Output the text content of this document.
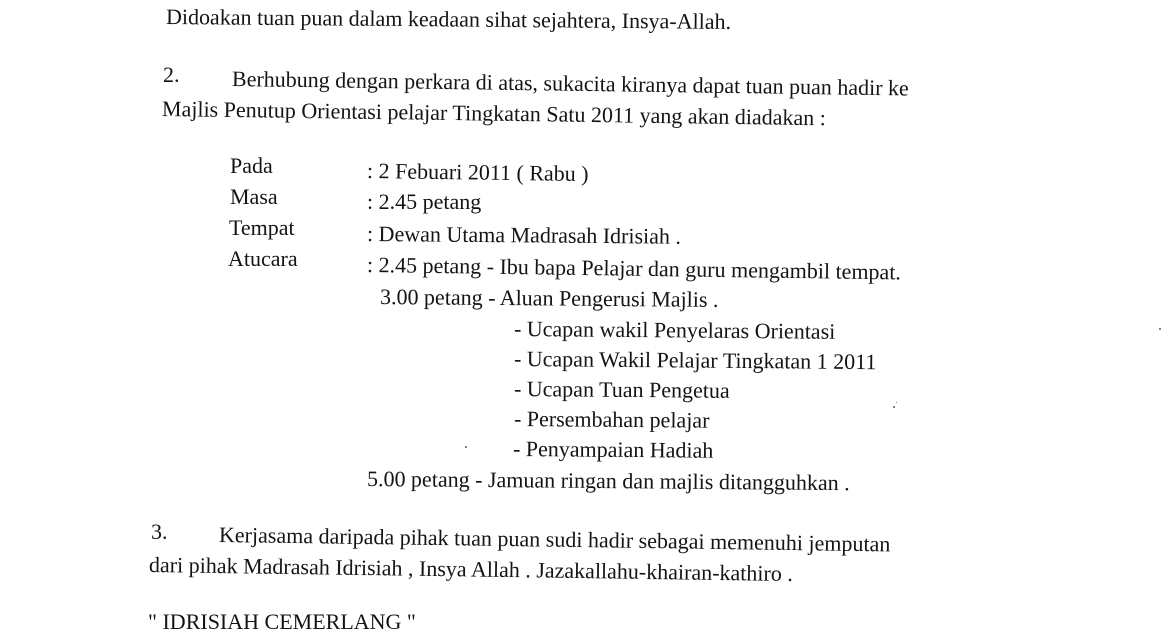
Didoakan tuan puan dalam keadaan sihat sejahtera, Insya-Allah.

2. Berhubung dengan perkara di atas, sukacita kiranya dapat tuan puan hadir ke

Majlis Penutup Orientasi pelajar Tingkatan Satu 2011 yang akan diadakan :

Pada	: 2 Febuari 2011 ( Rabu )

Masa	: 2.45 petang

Tempat	: Dewan Utama Madrasah Idrisiah .

Atucara	: 2.45 petang - Ibu bapa Pelajar dan guru mengambil tempat.

3.00 petang - Aluan Pengerusi Majlis .

- Ucapan wakil Penyelaras Orientasi

- Ucapan Wakil Pelajar Tingkatan 1 2011

- Ucapan Tuan Pengetua

- Persembahan pelajar

- Penyampaian Hadiah

5.00 petang - Jamuan ringan dan majlis ditangguhkan .

3. Kerjasama daripada pihak tuan puan sudi hadir sebagai memenuhi jemputan

dari pihak Madrasah Idrisiah , Insya Allah . Jazakallahu-khairan-kathiro .

" IDRISIAH CEMERLANG "
